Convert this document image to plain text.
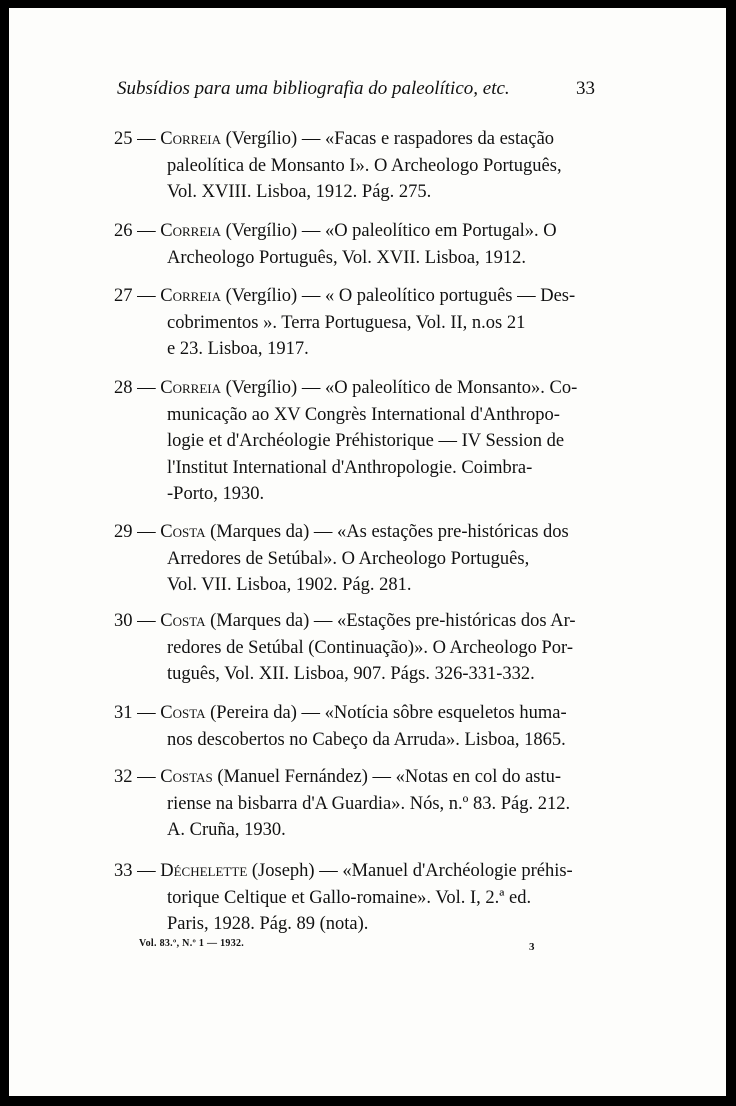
Subsídios para uma bibliografia do paleolítico, etc.	33
25 — Correia (Vergílio) — «Facas e raspadores da estação
paleolítica de Monsanto I». O Archeologo Português,
Vol. XVIII. Lisboa, 1912. Pág. 275.
26 — Correia (Vergílio) — «O paleolítico em Portugal». O
Archeologo Português, Vol. XVII. Lisboa, 1912.
27 — Correia (Vergílio) — « O paleolítico português — Des-
cobrimentos ». Terra Portuguesa, Vol. II, n.os 21
e 23. Lisboa, 1917.
28 — Correia (Vergílio) — «O paleolítico de Monsanto». Co-
municação ao XV Congrès International d'Anthropo-
logie et d'Archéologie Préhistorique — IV Session de
l'Institut International d'Anthropologie. Coimbra-
-Porto, 1930.
29 — Costa (Marques da) — «As estações pre-históricas dos
Arredores de Setúbal». O Archeologo Português,
Vol. VII. Lisboa, 1902. Pág. 281.
30 — Costa (Marques da) — «Estações pre-históricas dos Ar-
redores de Setúbal (Continuação)». O Archeologo Por-
tuguês, Vol. XII. Lisboa, 907. Págs. 326-331-332.
31 — Costa (Pereira da) — «Notícia sôbre esqueletos huma-
nos descobertos no Cabeço da Arruda». Lisboa, 1865.
32 — Costas (Manuel Fernández) — «Notas en col do astu-
riense na bisbarra d'A Guardia». Nós, n.º 83. Pág. 212.
A. Cruña, 1930.
33 — Déchelette (Joseph) — «Manuel d'Archéologie préhis-
torique Celtique et Gallo-romaine». Vol. I, 2.ª ed.
Paris, 1928. Pág. 89 (nota).
Vol. 83.º, N.º 1 — 1932.	3
